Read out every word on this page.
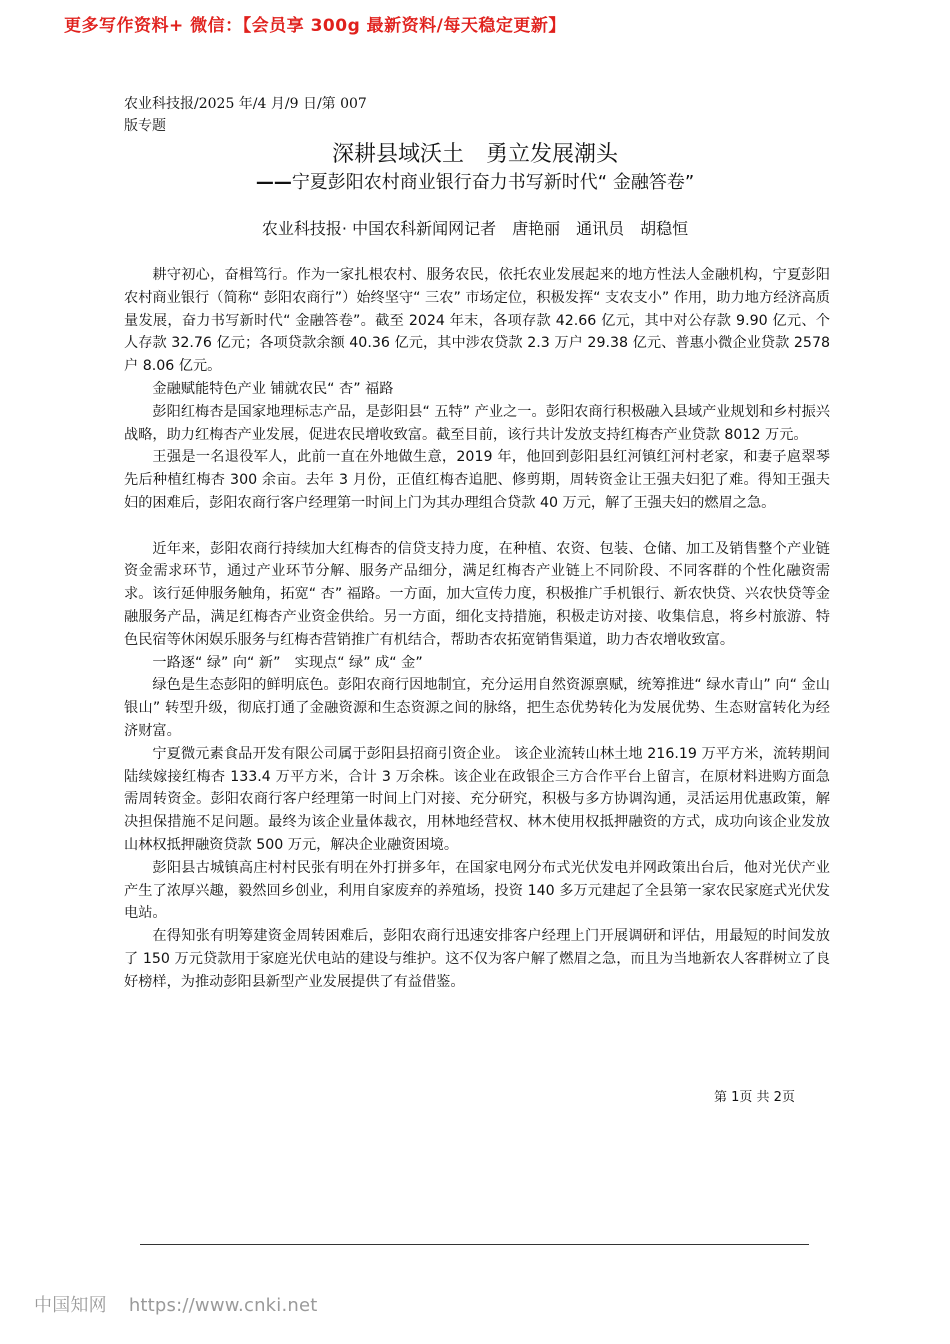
更多写作资料+ 微信：【会员享 300g 最新资料/每天稳定更新】
农业科技报/2025 年/4 月/9 日/第 007
版专题
深耕县域沃土　勇立发展潮头
——宁夏彭阳农村商业银行奋力书写新时代“ 金融答卷”
农业科技报· 中国农科新闻网记者　唐艳丽　通讯员　胡稳恒

耕守初心，奋楫笃行。作为一家扎根农村、服务农民，依托农业发展起来的地方性法人金融机构，宁夏彭阳农村商业银行（简称“ 彭阳农商行”）始终坚守“ 三农” 市场定位，积极发挥“ 支农支小” 作用，助力地方经济高质量发展，奋力书写新时代“ 金融答卷”。截至 2024 年末，各项存款 42.66 亿元，其中对公存款 9.90 亿元、个人存款 32.76 亿元；各项贷款余额 40.36 亿元，其中涉农贷款 2.3 万户 29.38 亿元、普惠小微企业贷款 2578 户 8.06 亿元。

金融赋能特色产业 铺就农民“ 杏” 福路

彭阳红梅杏是国家地理标志产品，是彭阳县“ 五特” 产业之一。彭阳农商行积极融入县域产业规划和乡村振兴战略，助力红梅杏产业发展，促进农民增收致富。截至目前，该行共计发放支持红梅杏产业贷款 8012 万元。

王强是一名退役军人，此前一直在外地做生意，2019 年，他回到彭阳县红河镇红河村老家，和妻子扈翠琴先后种植红梅杏 300 余亩。去年 3 月份，正值红梅杏追肥、修剪期，周转资金让王强夫妇犯了难。得知王强夫妇的困难后，彭阳农商行客户经理第一时间上门为其办理组合贷款 40 万元，解了王强夫妇的燃眉之急。

近年来，彭阳农商行持续加大红梅杏的信贷支持力度，在种植、农资、包装、仓储、加工及销售整个产业链资金需求环节，通过产业环节分解、服务产品细分，满足红梅杏产业链上不同阶段、不同客群的个性化融资需求。该行延伸服务触角，拓宽“ 杏” 福路。一方面，加大宣传力度，积极推广手机银行、新农快贷、兴农快贷等金融服务产品，满足红梅杏产业资金供给。另一方面，细化支持措施，积极走访对接、收集信息，将乡村旅游、特色民宿等休闲娱乐服务与红梅杏营销推广有机结合，帮助杏农拓宽销售渠道，助力杏农增收致富。

一路逐“ 绿” 向“ 新”　实现点“ 绿” 成“ 金”

绿色是生态彭阳的鲜明底色。彭阳农商行因地制宜，充分运用自然资源禀赋，统筹推进“ 绿水青山” 向“ 金山银山” 转型升级，彻底打通了金融资源和生态资源之间的脉络，把生态优势转化为发展优势、生态财富转化为经济财富。

宁夏微元素食品开发有限公司属于彭阳县招商引资企业。 该企业流转山林土地 216.19 万平方米，流转期间陆续嫁接红梅杏 133.4 万平方米，合计 3 万余株。该企业在政银企三方合作平台上留言，在原材料进购方面急需周转资金。彭阳农商行客户经理第一时间上门对接、充分研究，积极与多方协调沟通，灵活运用优惠政策，解决担保措施不足问题。最终为该企业量体裁衣，用林地经营权、林木使用权抵押融资的方式，成功向该企业发放山林权抵押融资贷款 500 万元，解决企业融资困境。

彭阳县古城镇高庄村村民张有明在外打拼多年，在国家电网分布式光伏发电并网政策出台后，他对光伏产业产生了浓厚兴趣，毅然回乡创业，利用自家废弃的养殖场，投资 140 多万元建起了全县第一家农民家庭式光伏发电站。

在得知张有明筹建资金周转困难后，彭阳农商行迅速安排客户经理上门开展调研和评估，用最短的时间发放了 150 万元贷款用于家庭光伏电站的建设与维护。这不仅为客户解了燃眉之急，而且为当地新农人客群树立了良好榜样，为推动彭阳县新型产业发展提供了有益借鉴。

第 1页 共 2页
中国知网 https://www.cnki.net
